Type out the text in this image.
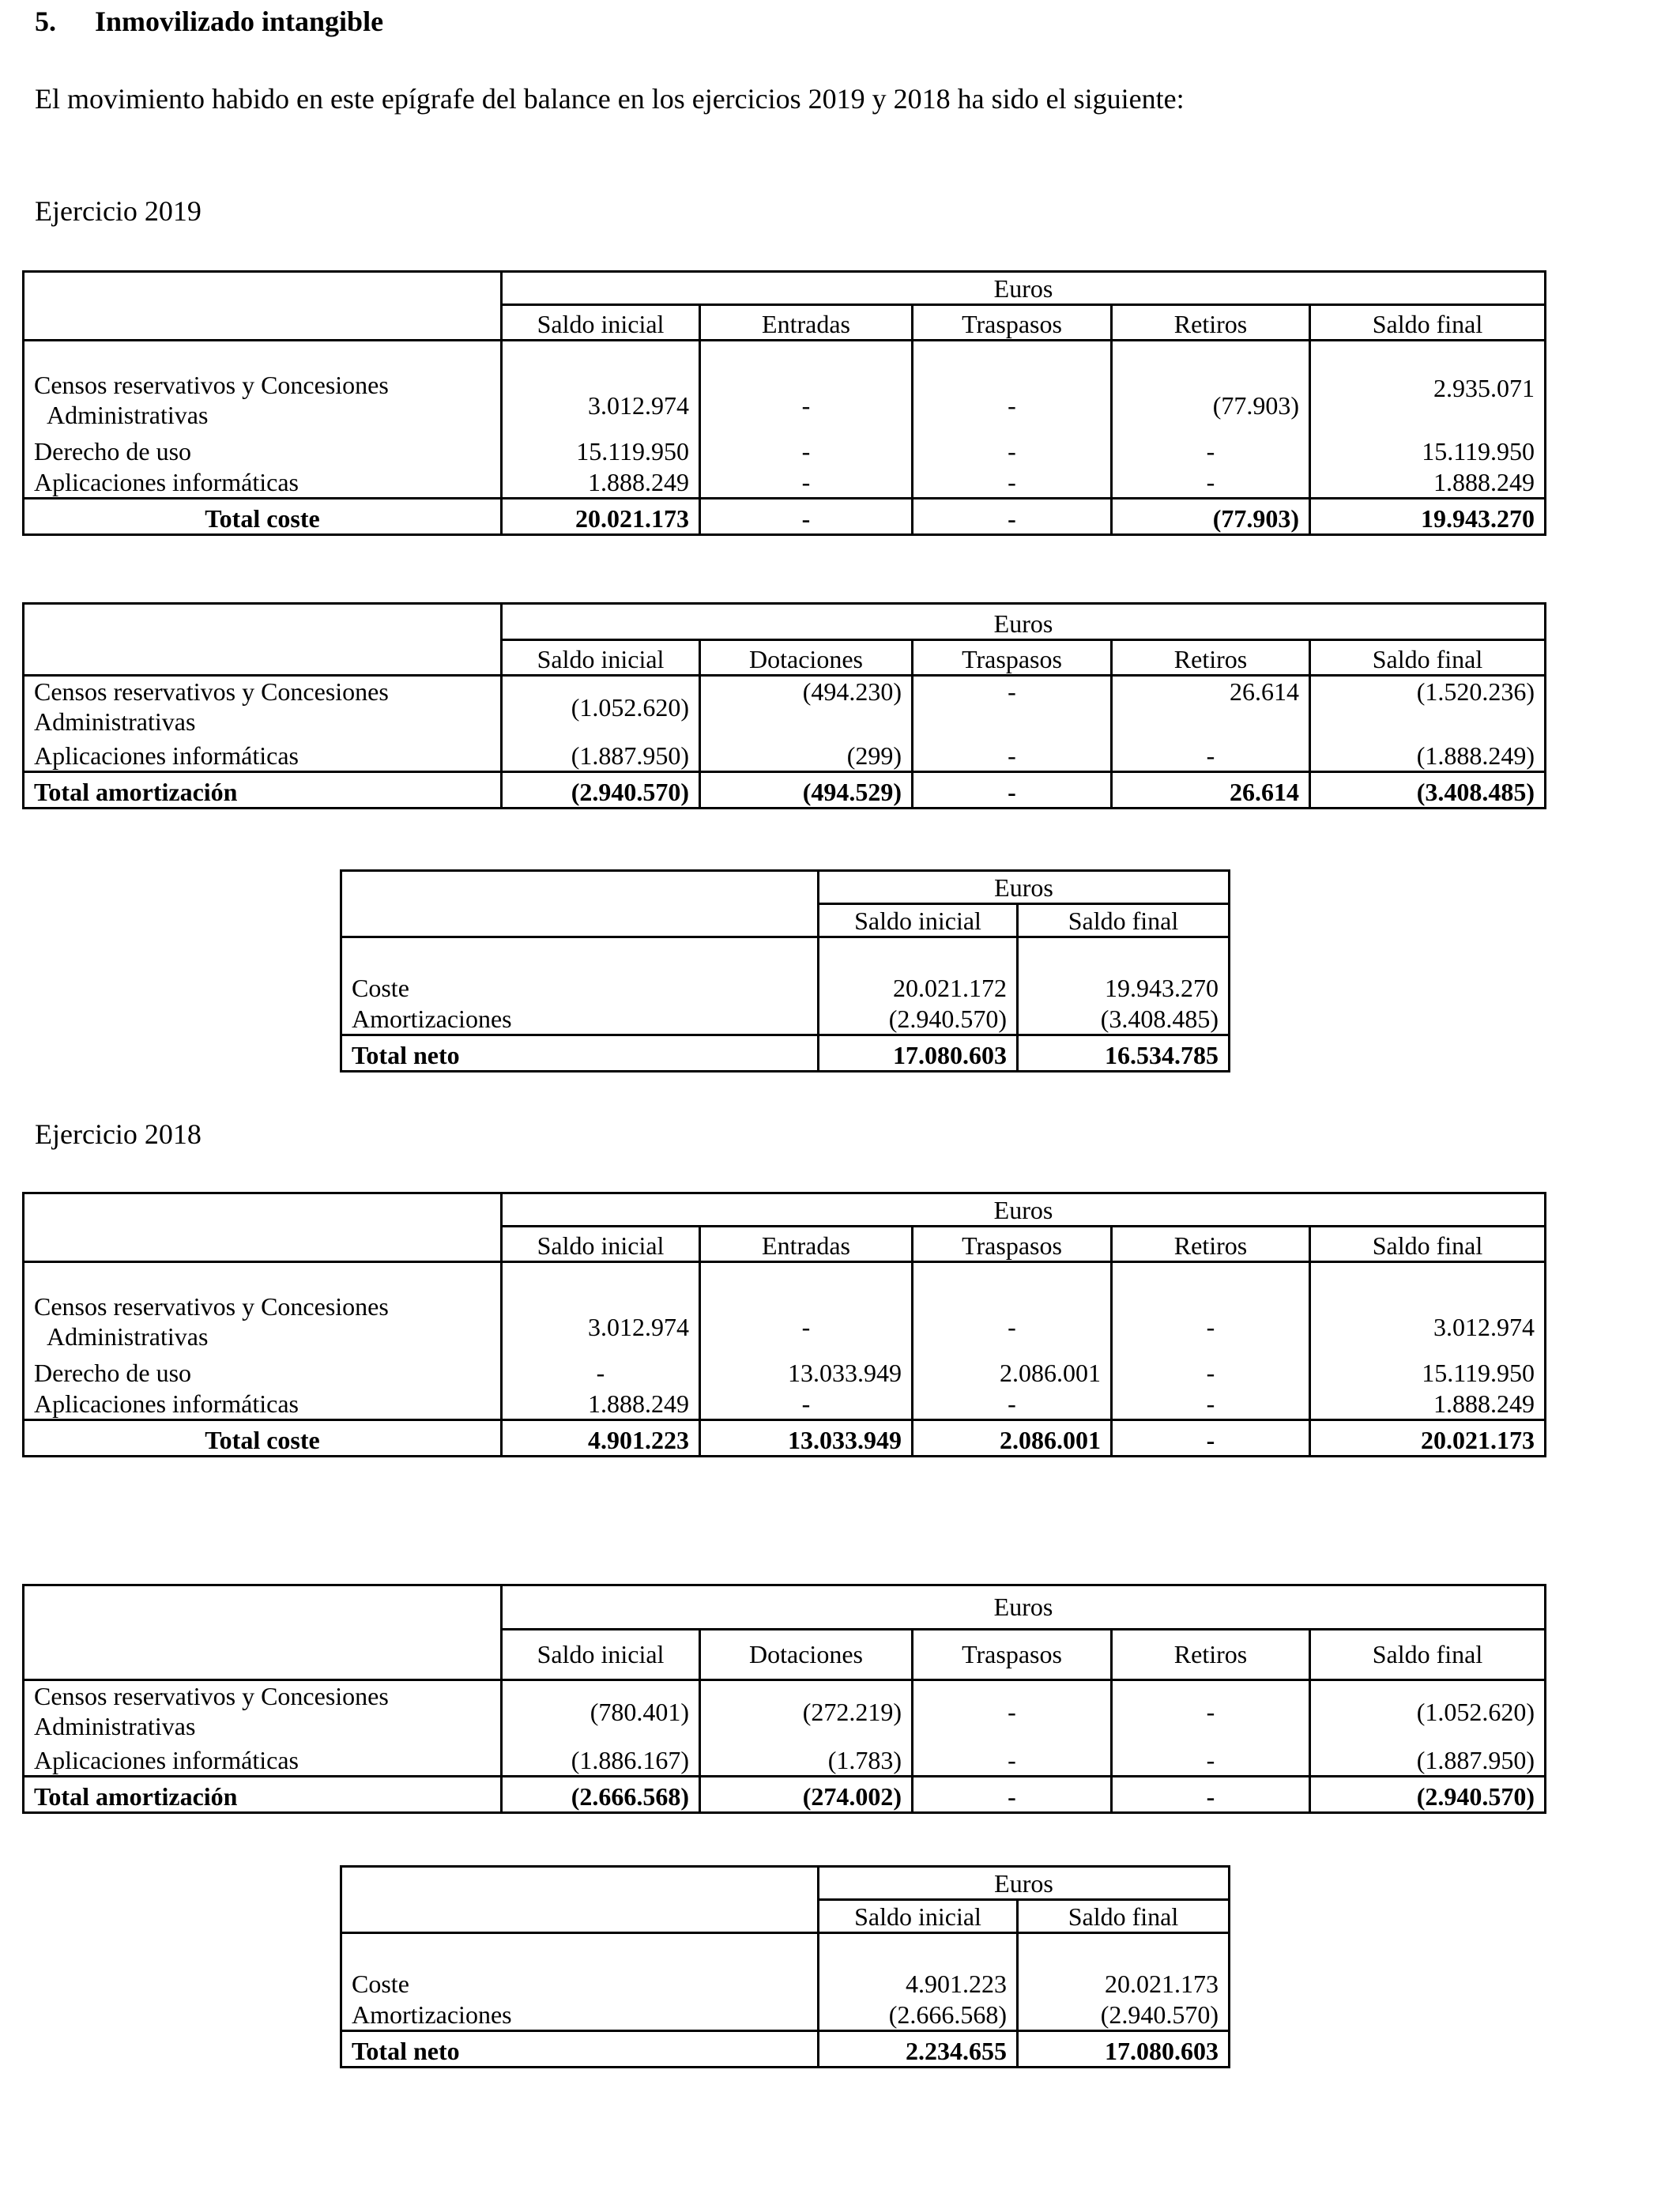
5. Inmovilizado intangible
El movimiento habido en este epígrafe del balance en los ejercicios 2019 y 2018 ha sido el siguiente:
Ejercicio 2019
	Euros				
	Saldo inicial	Entradas	Traspasos	Retiros	Saldo final
Censos reservativos y Concesiones
Administrativas	3.012.974	-	-	(77.903)	2.935.071
Derecho de uso	15.119.950	-	-	-	15.119.950
Aplicaciones informáticas	1.888.249	-	-	-	1.888.249
Total coste	20.021.173	-	-	(77.903)	19.943.270
	Euros				
	Saldo inicial	Dotaciones	Traspasos	Retiros	Saldo final
Censos reservativos y Concesiones
Administrativas	(1.052.620)	(494.230)	-	26.614	(1.520.236)
Aplicaciones informáticas	(1.887.950)	(299)	-	-	(1.888.249)
Total amortización	(2.940.570)	(494.529)	-	26.614	(3.408.485)
	Euros	
	Saldo inicial	Saldo final
Coste	20.021.172	19.943.270
Amortizaciones	(2.940.570)	(3.408.485)
Total neto	17.080.603	16.534.785
Ejercicio 2018
	Euros				
	Saldo inicial	Entradas	Traspasos	Retiros	Saldo final
Censos reservativos y Concesiones
Administrativas	3.012.974	-	-	-	3.012.974
Derecho de uso	-	13.033.949	2.086.001	-	15.119.950
Aplicaciones informáticas	1.888.249	-	-	-	1.888.249
Total coste	4.901.223	13.033.949	2.086.001	-	20.021.173
	Euros				
	Saldo inicial	Dotaciones	Traspasos	Retiros	Saldo final
Censos reservativos y Concesiones
Administrativas	(780.401)	(272.219)	-	-	(1.052.620)
Aplicaciones informáticas	(1.886.167)	(1.783)	-	-	(1.887.950)
Total amortización	(2.666.568)	(274.002)	-	-	(2.940.570)
	Euros	
	Saldo inicial	Saldo final
Coste	4.901.223	20.021.173
Amortizaciones	(2.666.568)	(2.940.570)
Total neto	2.234.655	17.080.603
